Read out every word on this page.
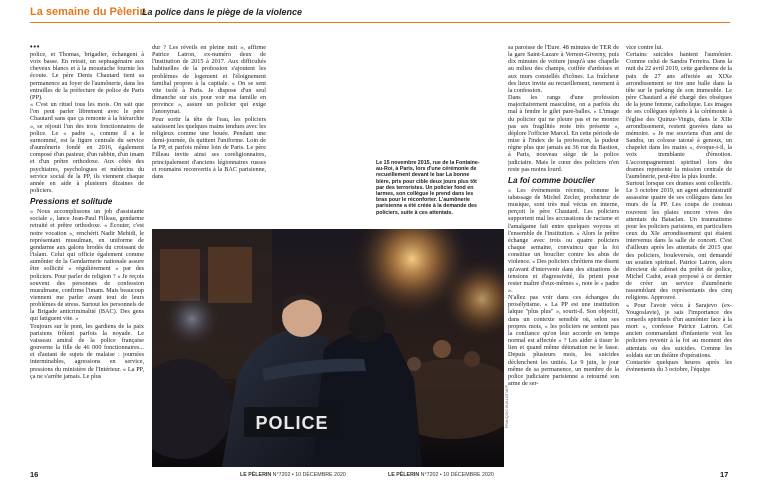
La semaine du Pèlerin
La police dans le piège de la violence
•••

police, et Thomas, brigadier, échangent à voix basse. En retrait, un septuagénaire aux cheveux blancs et à la moustache fournie les écoute. Le père Denis Chautard tient sa permanence au foyer de l'aumônerie, dans les entrailles de la préfecture de police de Paris (PP).

« C'est un rituel tous les mois. On sait que l'on peut parler librement avec le père Chautard sans que ça remonte à la hiérarchie », se réjouit l'un des trois fonctionnaires de police. Le « padre », comme il a le surnommé, est la figure centrale du service d'aumônerie fondé en 2016, également composé d'un pasteur, d'un rabbin, d'un imam et d'un prêtre orthodoxe. Aux côtés des psychiatres, psychologues et médecins du service social de la PP, ils viennent chaque année en aide à plusieurs dizaines de policiers.

Pressions et solitude

« Nous accomplissons un job d'assistante sociale », lance Jean-Paul Filleau, gendarme retraité et prêtre orthodoxe. « Écouter, c'est notre vocation », renchérit Nadir Mehidi, le représentant musulman, en uniforme de gendarme aux galons brodés du croissant de l'islam. Celui qui officie également comme aumônier de la Gendarmerie nationale assure être sollicité « régulièrement » par des policiers. Pour parler de religion ? « Je reçois souvent des personnes de confession musulmane, confirme l'imam. Mais beaucoup viennent me parler avant tout de leurs problèmes de stress. Surtout les personnels de la Brigade anticriminalité (BAC). Des gens qui fatiguent vite. »

Toujours sur le pont, les gardiens de la paix parisiens frôlent parfois la noyade. Le vaisseau amiral de la police française gouverne la fille de 46 000 fonctionnaires... et d'autant de sujets de malaise : journées interminables, agressions en service, pressions du ministère de l'Intérieur. « La PP, ça ne s'arrête jamais. Le plus

dur ? Les réveils en pleine nuit », affirme Patrice Latron, ex-numéro deux de l'institution de 2015 à 2017. Aux difficultés habituelles de la profession s'ajoutent les problèmes de logement et l'éloignement familial propres à la capitale. « On se sent vite isolé à Paris. Je dispose d'un seul dimanche sur six pour voir ma famille en province », assure un policier qui exige l'anonymat.

Pour sortir la tête de l'eau, les policiers saisissent les quelques mains tendues avec les religieux comme une bouée. Pendant une demi-journée, ils quittent l'uniforme. Loin de la PP, et parfois même loin de Paris. Le père Filleau invite ainsi ses coreligionnaires, principalement d'anciens légionnaires russes et roumains reconvertis à la BAC parisienne, dans

Le 15 novembre 2015, rue de la Fontaine-au-Roi, à Paris, lors d'une cérémonie de recueillement devant le bar La bonne bière, pris pour cible deux jours plus tôt par des terroristes. Un policier fond en larmes, son collègue le prend dans les bras pour le réconforter. L'aumônerie parisienne a été créée à la demande des policiers, suite à ces attentats.
POLICE	FRANÇOIS GUILLOT/AFP

sa paroisse de l'Eure. 48 minutes de TER de la gare Saint-Lazare à Vernon-Giverny, puis dix minutes de voiture jusqu'à une chapelle au milieu des champs, coiffée d'ardoises et aux murs constellés d'icônes. La fraîcheur des lieux invite au recueillement, rarement à la confession.

Dans les rangs d'une profession majoritairement masculine, on a parfois du mal à fendre le gilet pare-balles. « L'image du policier qui ne pleure pas et ne montre pas ses fragilités reste très présente », déplore l'officier Marcel. En cette période de mise à l'index de la profession, la pudeur règne plus que jamais au 36 rue du Bastion, à Paris, nouveau siège de la police judiciaire. Mais le cœur des policiers n'en reste pas moins lourd.

La foi comme bouclier

« Les événements récents, comme le tabassage de Michel Zecler, producteur de musique, sont très mal vécus en interne, perçoit le père Chautard. Les policiers supportent mal les accusations de racisme et l'amalgame fait entre quelques voyous et l'ensemble de l'institution. » Alors le prêtre échange avec trois ou quatre policiers chaque semaine, convaincu que la foi constitue un bouclier contre les abus de violence. « Des policiers chrétiens me disent qu'avant d'intervenir dans des situations de tensions et d'agressivité, ils prient pour rester maître d'eux-mêmes », note le « padre ».

N'allez pas voir dans ces échanges du prosélytisme. « La PP est une institution laïque "plus plus" », sourit-il. Son objectif, dans un contexte sensible où, selon ses propres mots, « les policiers ne sentent pas la confiance qu'on leur accorde en temps normal est affectée » ? Les aider à tisser le lien et quand même détonation ne le fasse. Depuis plusieurs mois, les suicides déclenchent les unités. Le 9 juin, le jour même de sa permanence, un membre de la police judiciaire parisienne a retourné son arme de ser-

vice contre lui.

Certains suicides hantent l'aumônier. Comme celui de Sandra Ferreira. Dans la nuit du 22 avril 2019, cette gardienne de la paix de 27 ans affectée au XIXe arrondissement se tire une balle dans la tête sur le parking de son immeuble. Le père Chautard a été chargé des obsèques de la jeune femme, catholique. Les images de ses collègues éplorés à la cérémonie à l'église des Quinze-Vingts, dans le XIIe arrondissement, restent gravées dans sa mémoire. « Je me souviens d'un ami de Sandra, un colosse tatoué à genoux, un chapelet dans les mains », évoque-t-il, la voix tremblante d'émotion. L'accompagnement spirituel lors des drames représente la mission centrale de l'aumônerie, peut-être la plus lourde.

Surtout lorsque ces drames sont collectifs. Le 3 octobre 2019, un agent administratif assassine quatre de ses collègues dans les murs de la PP. Les coups de couteau rouvrent les plaies encore vives des attentats du Bataclan. Un traumatisme pour les policiers parisiens, en particuliers ceux du XIe arrondissement qui étaient intervenus dans la salle de concert. C'est d'ailleurs après les attentats de 2015 que des policiers, bouleversés, ont demandé un soutien spirituel. Patrice Latron, alors directeur de cabinet du préfet de police, Michel Cadot, avait proposé à ce dernier de créer un service d'aumônerie rassemblant des représentants des cinq religions. Approuvé.

« Pour l'avoir vécu à Sarajevo (ex-Yougoslavie), je sais l'importance des conseils spirituels d'un aumônier face à la mort », confesse Patrice Latron. Cet ancien commandant d'infanterie voit les policiers revenir à la foi au moment des attentats ou des suicides. Comme les soldats sur un théâtre d'opérations.

Contactée quelques heures après les événements du 3 octobre, l'équipe

16	LE PÈLERIN N°7202 • 10 DÉCEMBRE 2020	LE PÈLERIN N°7202 • 10 DÉCEMBRE 2020	17
